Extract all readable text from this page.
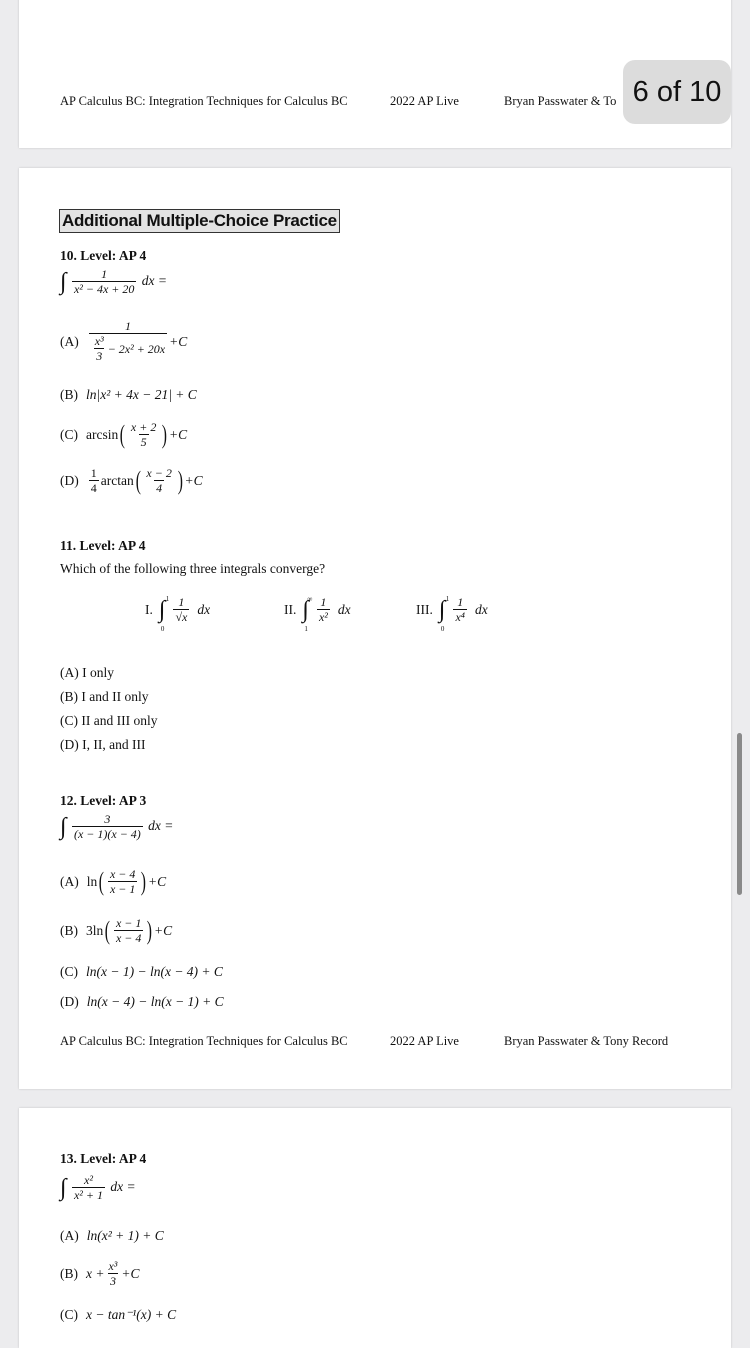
AP Calculus BC: Integration Techniques for Calculus BC	2022 AP Live	Bryan Passwater & To 6 of 10
Additional Multiple-Choice Practice
10. Level: AP 4
∫ $\frac{1}{\text{x² − 4x + 20}}$ dx =
$(A) \frac{1}{\frac{\text{x³}}{3} - 2x^2 + 20x} +C$
(B) ln|x² + 4x − 21| + C
(C) arcsin ( $\frac{x + 2}{5}$ ) +C
$(D) \frac{1}{4}$ arctan ( $\frac{x - 2}{4}$ ) +C
11. Level: AP 4
Which of the following three integrals converge?
I. ∫ 1
0
$\frac{1}{√x}$ dx	II. ∫
∞
1
$\frac{1}{\text{x²}}$ dx	III. ∫ 1
0
$\frac{1}{\text{x⁴}}$ dx
(A) I only
(B) I and II only
(C) II and III only
(D) I, II, and III
12. Level: AP 3
∫ $\frac{3}{(x - 1)(x - 4)}$ dx =
(A) ln ( $\frac{x - 4}{x - 1}$ ) +C
(B) 3ln ( $\frac{x - 1}{x - 4}$ ) +C
(C) ln(x − 1) − ln(x − 4) + C
(D) ln(x − 4) − ln(x − 1) + C
AP Calculus BC: Integration Techniques for Calculus BC	2022 AP Live	Bryan Passwater & Tony Record
13. Level: AP 4
∫ $\frac{\text{x²}}{\text{x² + 1}}$ dx =
(A) ln(x² + 1) + C
(B) $x + \frac{\text{x³}}{3} +C$
(C) x − tan⁻¹(x) + C
